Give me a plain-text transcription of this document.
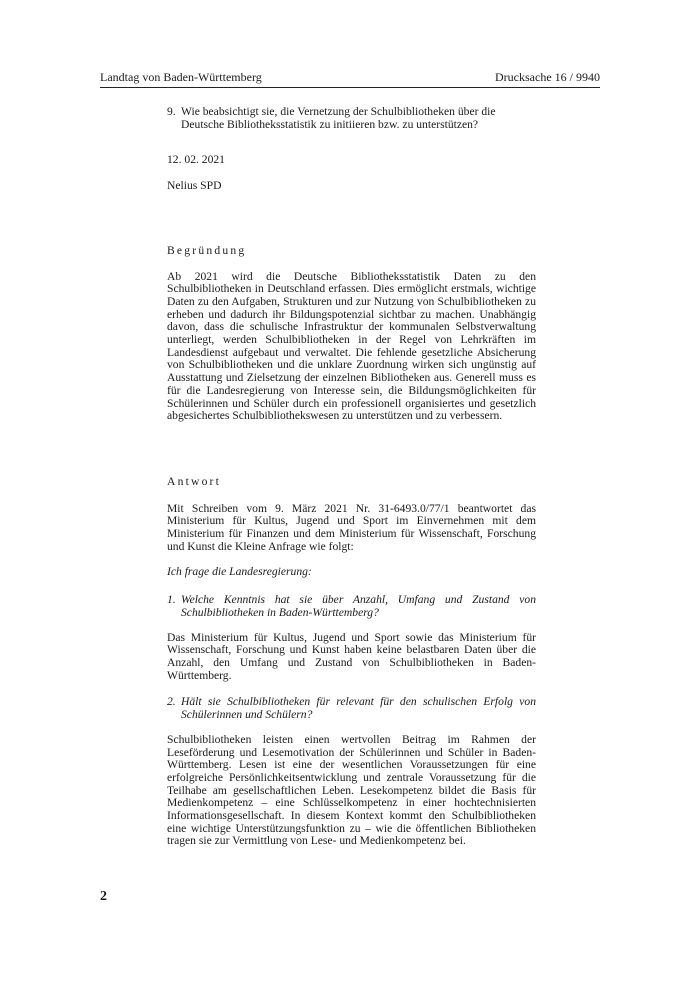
Landtag von Baden-Württemberg	Drucksache 16 / 9940
9. Wie beabsichtigt sie, die Vernetzung der Schulbibliotheken über die Deutsche Bibliotheksstatistik zu initiieren bzw. zu unterstützen?

12. 02. 2021

Nelius SPD

Begründung

Ab 2021 wird die Deutsche Bibliotheksstatistik Daten zu den Schulbibliotheken in Deutschland erfassen. Dies ermöglicht erstmals, wichtige Daten zu den Aufgaben, Strukturen und zur Nutzung von Schulbibliotheken zu erheben und dadurch ihr Bildungspotenzial sichtbar zu machen. Unabhängig davon, dass die schulische Infrastruktur der kommunalen Selbstverwaltung unterliegt, werden Schulbibliotheken in der Regel von Lehrkräften im Landesdienst aufgebaut und verwaltet. Die fehlende gesetzliche Absicherung von Schulbibliotheken und die unklare Zuordnung wirken sich ungünstig auf Ausstattung und Zielsetzung der einzelnen Bibliotheken aus. Generell muss es für die Landesregierung von Interesse sein, die Bildungsmöglichkeiten für Schülerinnen und Schüler durch ein professionell organisiertes und gesetzlich abgesichertes Schulbibliothekswesen zu unterstützen und zu verbessern.

Antwort

Mit Schreiben vom 9. März 2021 Nr. 31-6493.0/77/1 beantwortet das Ministerium für Kultus, Jugend und Sport im Einvernehmen mit dem Ministerium für Finanzen und dem Ministerium für Wissenschaft, Forschung und Kunst die Kleine Anfrage wie folgt:

Ich frage die Landesregierung:

1. Welche Kenntnis hat sie über Anzahl, Umfang und Zustand von Schulbibliotheken in Baden-Württemberg?

Das Ministerium für Kultus, Jugend und Sport sowie das Ministerium für Wissenschaft, Forschung und Kunst haben keine belastbaren Daten über die Anzahl, den Umfang und Zustand von Schulbibliotheken in Baden-Württemberg.

2. Hält sie Schulbibliotheken für relevant für den schulischen Erfolg von Schülerinnen und Schülern?

Schulbibliotheken leisten einen wertvollen Beitrag im Rahmen der Leseförderung und Lesemotivation der Schülerinnen und Schüler in Baden-Württemberg. Lesen ist eine der wesentlichen Voraussetzungen für eine erfolgreiche Persönlichkeitsentwicklung und zentrale Voraussetzung für die Teilhabe am gesellschaftlichen Leben. Lesekompetenz bildet die Basis für Medienkompetenz – eine Schlüsselkompetenz in einer hochtechnisierten Informationsgesellschaft. In diesem Kontext kommt den Schulbibliotheken eine wichtige Unterstützungsfunktion zu – wie die öffentlichen Bibliotheken tragen sie zur Vermittlung von Lese- und Medienkompetenz bei.

2
